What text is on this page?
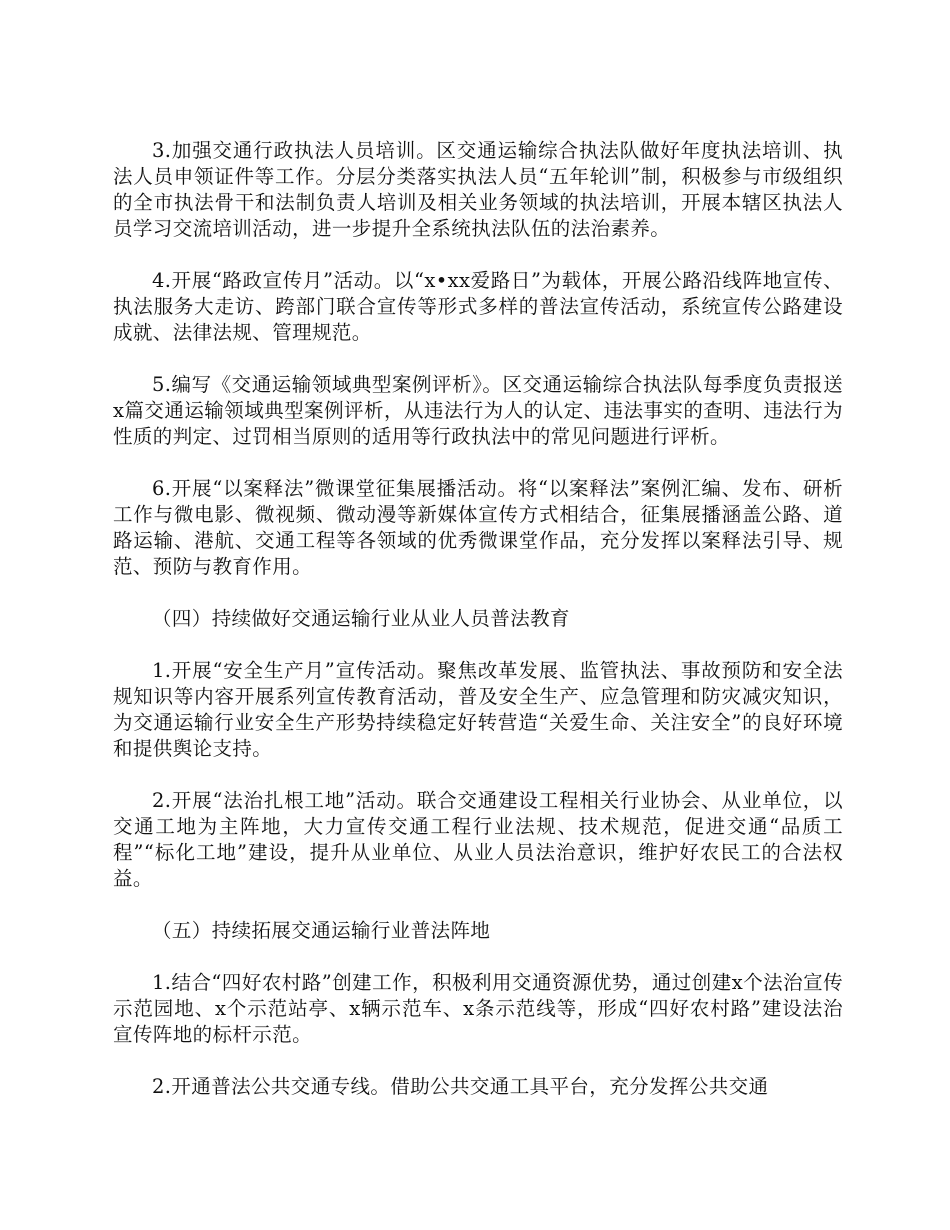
3.加强交通行政执法人员培训。区交通运输综合执法队做好年度执法培训、执法人员申领证件等工作。分层分类落实执法人员“五年轮训”制，积极参与市级组织的全市执法骨干和法制负责人培训及相关业务领域的执法培训，开展本辖区执法人员学习交流培训活动，进一步提升全系统执法队伍的法治素养。

4.开展“路政宣传月”活动。以“x•xx爱路日”为载体，开展公路沿线阵地宣传、执法服务大走访、跨部门联合宣传等形式多样的普法宣传活动，系统宣传公路建设成就、法律法规、管理规范。

5.编写《交通运输领域典型案例评析》。区交通运输综合执法队每季度负责报送x篇交通运输领域典型案例评析，从违法行为人的认定、违法事实的查明、违法行为性质的判定、过罚相当原则的适用等行政执法中的常见问题进行评析。

6.开展“以案释法”微课堂征集展播活动。将“以案释法”案例汇编、发布、研析工作与微电影、微视频、微动漫等新媒体宣传方式相结合，征集展播涵盖公路、道路运输、港航、交通工程等各领域的优秀微课堂作品，充分发挥以案释法引导、规范、预防与教育作用。

（四）持续做好交通运输行业从业人员普法教育

1.开展“安全生产月”宣传活动。聚焦改革发展、监管执法、事故预防和安全法规知识等内容开展系列宣传教育活动，普及安全生产、应急管理和防灾减灾知识，为交通运输行业安全生产形势持续稳定好转营造“关爱生命、关注安全”的良好环境和提供舆论支持。

2.开展“法治扎根工地”活动。联合交通建设工程相关行业协会、从业单位，以交通工地为主阵地，大力宣传交通工程行业法规、技术规范，促进交通“品质工程”“标化工地”建设，提升从业单位、从业人员法治意识，维护好农民工的合法权益。

（五）持续拓展交通运输行业普法阵地

1.结合“四好农村路”创建工作，积极利用交通资源优势，通过创建x个法治宣传示范园地、x个示范站亭、x辆示范车、x条示范线等，形成“四好农村路”建设法治宣传阵地的标杆示范。

2.开通普法公共交通专线。借助公共交通工具平台，充分发挥公共交通
